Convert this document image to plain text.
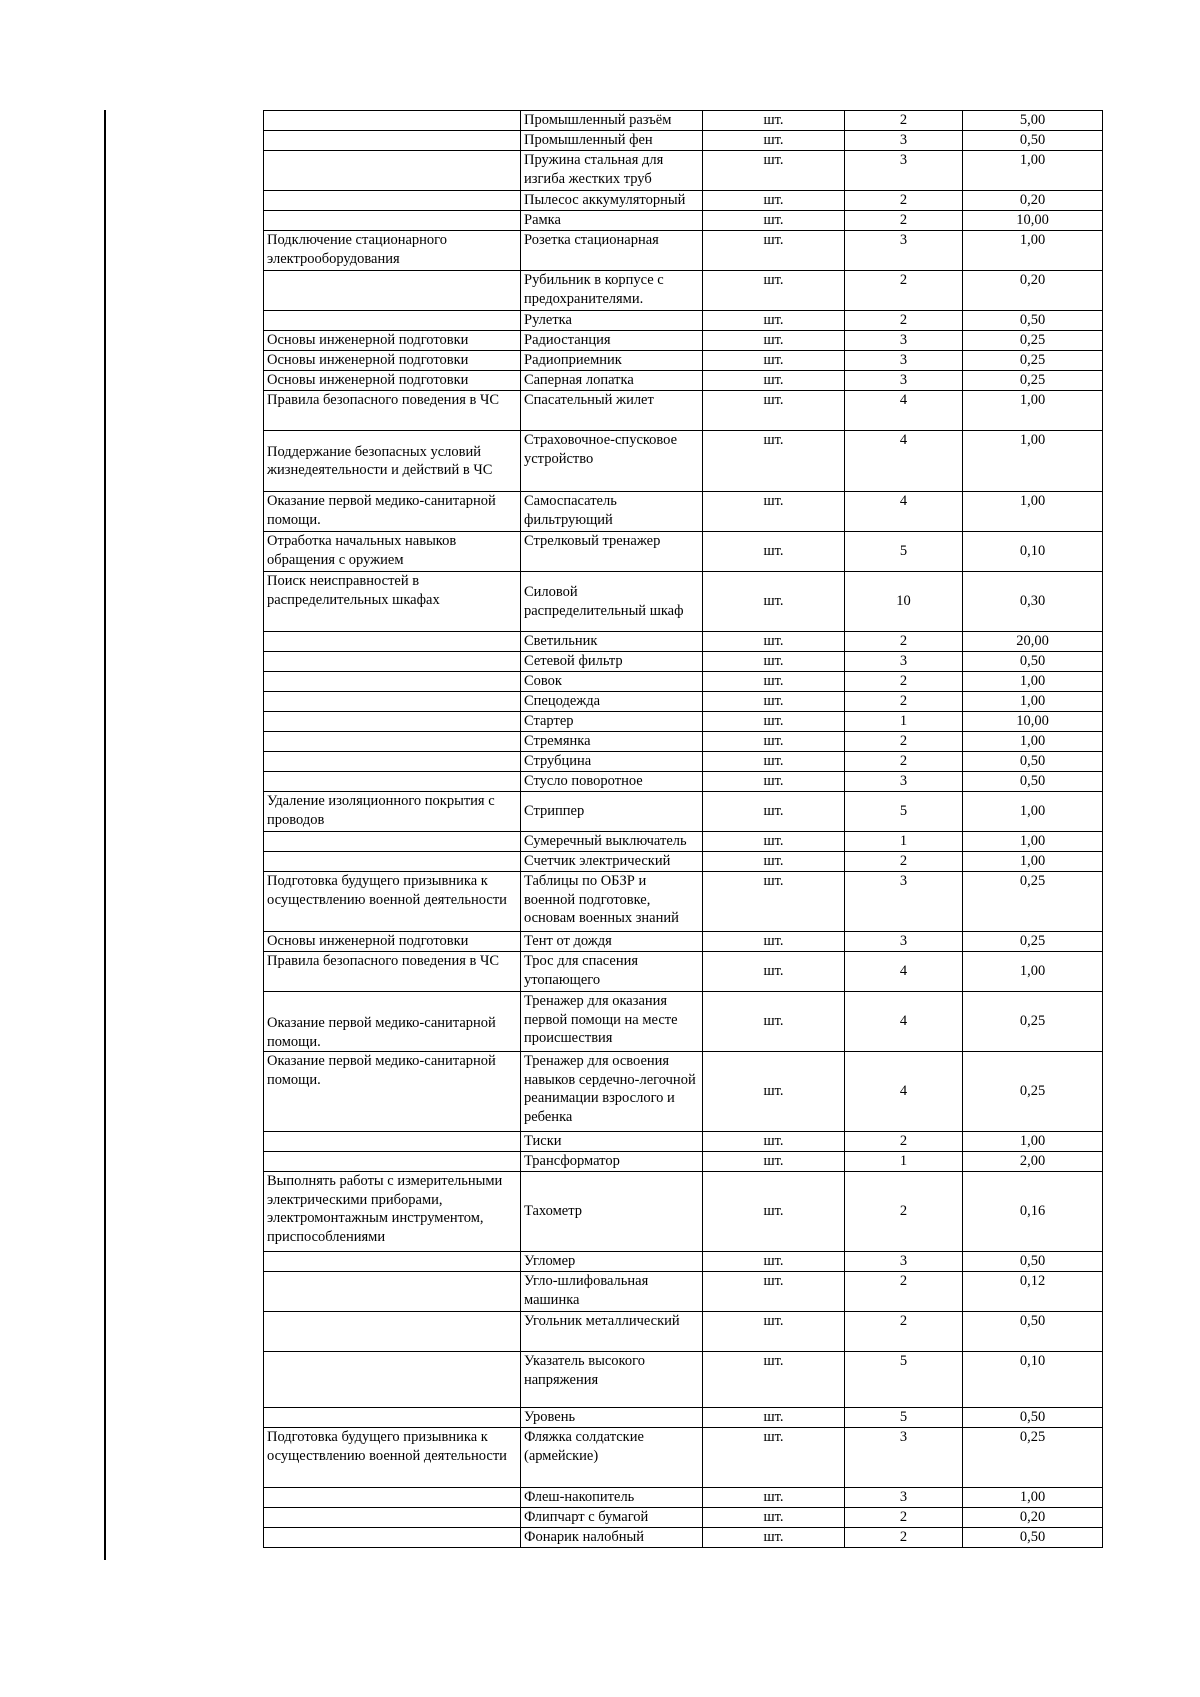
	Промышленный разъём	шт.	2	5,00
	Промышленный фен	шт.	3	0,50
	Пружина стальная для изгиба жестких труб	шт.	3	1,00
	Пылесос аккумуляторный	шт.	2	0,20
	Рамка	шт.	2	10,00
Подключение стационарного электрооборудования	Розетка стационарная	шт.	3	1,00
	Рубильник в корпусе с предохранителями.	шт.	2	0,20
	Рулетка	шт.	2	0,50
Основы инженерной подготовки	Радиостанция	шт.	3	0,25
Основы инженерной подготовки	Радиоприемник	шт.	3	0,25
Основы инженерной подготовки	Саперная лопатка	шт.	3	0,25
Правила безопасного поведения в ЧС	Спасательный жилет	шт.	4	1,00
Поддержание безопасных условий жизнедеятельности и действий в ЧС	Страховочное-спусковое устройство	шт.	4	1,00
Оказание первой медико-санитарной помощи.	Самоспасатель фильтрующий	шт.	4	1,00
Отработка начальных навыков обращения с оружием	Стрелковый тренажер	шт.	5	0,10
Поиск неисправностей в распределительных шкафах	Силовой распределительный шкаф	шт.	10	0,30
	Светильник	шт.	2	20,00
	Сетевой фильтр	шт.	3	0,50
	Совок	шт.	2	1,00
	Спецодежда	шт.	2	1,00
	Стартер	шт.	1	10,00
	Стремянка	шт.	2	1,00
	Струбцина	шт.	2	0,50
	Стусло поворотное	шт.	3	0,50
Удаление изоляционного покрытия с проводов	Стриппер	шт.	5	1,00
	Сумеречный выключатель	шт.	1	1,00
	Счетчик электрический	шт.	2	1,00
Подготовка будущего призывника к осуществлению военной деятельности	Таблицы по ОБЗР и военной подготовке, основам военных знаний	шт.	3	0,25
Основы инженерной подготовки	Тент от дождя	шт.	3	0,25
Правила безопасного поведения в ЧС	Трос для спасения утопающего	шт.	4	1,00
Оказание первой медико-санитарной помощи.	Тренажер для оказания первой помощи на месте происшествия	шт.	4	0,25
Оказание первой медико-санитарной помощи.	Тренажер для освоения навыков сердечно-легочной реанимации взрослого и ребенка	шт.	4	0,25
	Тиски	шт.	2	1,00
	Трансформатор	шт.	1	2,00
Выполнять работы с измерительными электрическими приборами, электромонтажным инструментом, приспособлениями	Тахометр	шт.	2	0,16
	Угломер	шт.	3	0,50
	Угло-шлифовальная машинка	шт.	2	0,12
	Угольник металлический	шт.	2	0,50
	Указатель высокого напряжения	шт.	5	0,10
	Уровень	шт.	5	0,50
Подготовка будущего призывника к осуществлению военной деятельности	Фляжка солдатские (армейские)	шт.	3	0,25
	Флеш-накопитель	шт.	3	1,00
	Флипчарт с бумагой	шт.	2	0,20
	Фонарик налобный	шт.	2	0,50
